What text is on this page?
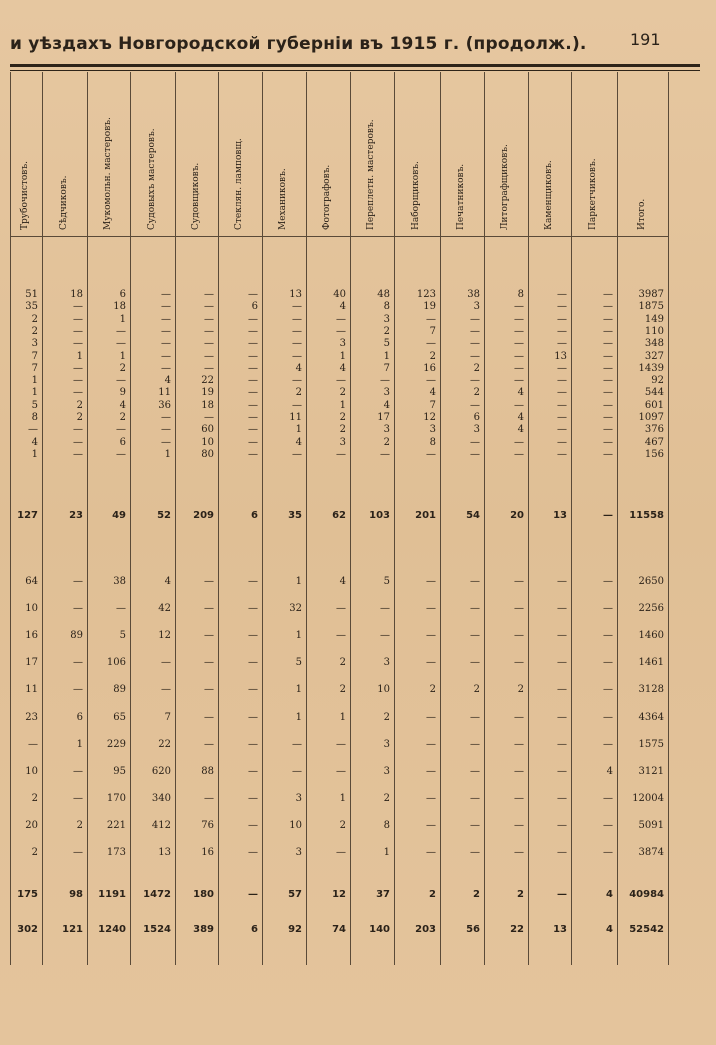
и уѣздахъ Новгородской губерніи въ 1915 г. (продолж.).	191
Трубочистовъ.	Сѣдчиковъ.	Мукомольн. мастеровъ.	Судовыхъ мастеровъ.	Судовщиковъ.	Стеклян. ламповщ.	Механиковъ.	Фотографовъ.	Переплетн. мастеровъ.	Наборщиковъ.	Печатниковъ.	Литографщиковъ.	Каменщиковъ.	Паркетчиковъ.	Итого.
51	18	6	—	—	—	13	40	48	123	38	8	—	—	3987
35	—	18	—	—	6	—	4	8	19	3	—	—	—	1875
2	—	1	—	—	—	—	—	3	—	—	—	—	—	149
2	—	—	—	—	—	—	—	2	7	—	—	—	—	110
3	—	—	—	—	—	—	3	5	—	—	—	—	—	348
7	1	1	—	—	—	—	1	1	2	—	—	13	—	327
7	—	2	—	—	—	4	4	7	16	2	—	—	—	1439
1	—	—	4	22	—	—	—	—	—	—	—	—	—	92
1	—	9	11	19	—	2	2	3	4	2	4	—	—	544
5	2	4	36	18	—	—	1	4	7	—	—	—	—	601
8	2	2	—	—	—	11	2	17	12	6	4	—	—	1097
—	—	—	—	60	—	1	2	3	3	3	4	—	—	376
4	—	6	—	10	—	4	3	2	8	—	—	—	—	467
1	—	—	1	80	—	—	—	—	—	—	—	—	—	156
127	23	49	52	209	6	35	62	103	201	54	20	13	—	11558
64	—	38	4	—	—	1	4	5	—	—	—	—	—	2650
10	—	—	42	—	—	32	—	—	—	—	—	—	—	2256
16	89	5	12	—	—	1	—	—	—	—	—	—	—	1460
17	—	106	—	—	—	5	2	3	—	—	—	—	—	1461
11	—	89	—	—	—	1	2	10	2	2	2	—	—	3128
23	6	65	7	—	—	1	1	2	—	—	—	—	—	4364
—	1	229	22	—	—	—	—	3	—	—	—	—	—	1575
10	—	95	620	88	—	—	—	3	—	—	—	—	4	3121
2	—	170	340	—	—	3	1	2	—	—	—	—	—	12004
20	2	221	412	76	—	10	2	8	—	—	—	—	—	5091
2	—	173	13	16	—	3	—	1	—	—	—	—	—	3874
175	98	1191	1472	180	—	57	12	37	2	2	2	—	4	40984
302	121	1240	1524	389	6	92	74	140	203	56	22	13	4	52542
